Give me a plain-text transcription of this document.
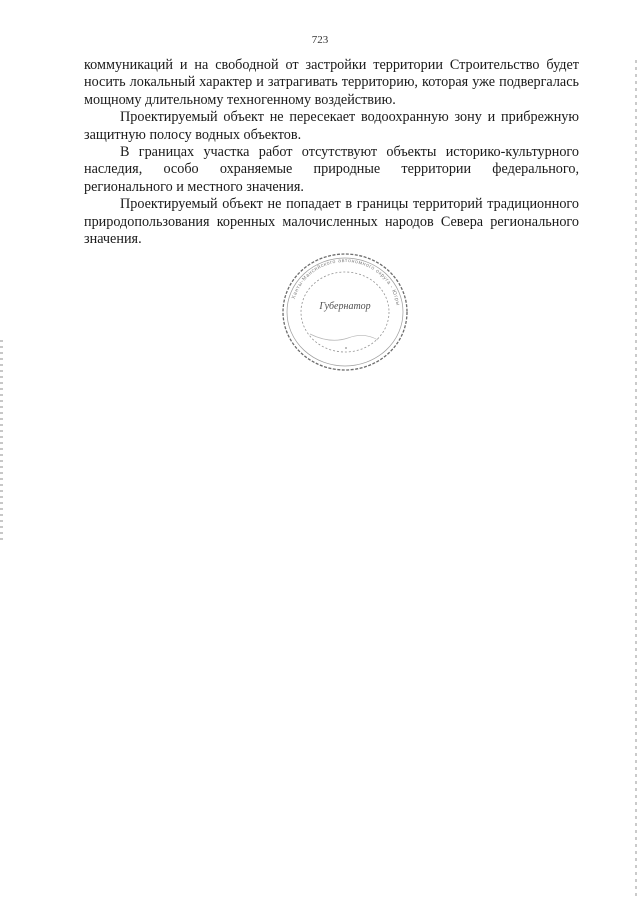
723

коммуникаций и на свободной от застройки территории Строительство будет носить локальный характер и затрагивать территорию, которая уже подвергалась мощному длительному техногенному воздействию.

Проектируемый объект не пересекает водоохранную зону и прибрежную защитную полосу водных объектов.

В границах участка работ отсутствуют объекты историко-культурного наследия, особо охраняемые природные территории федерального, регионального и местного значения.

Проектируемый объект не попадает в границы территорий традиционного природопользования коренных малочисленных народов Севера регионального значения.

Ханты-Мансийского автономного округа - Югры
Губернатор
